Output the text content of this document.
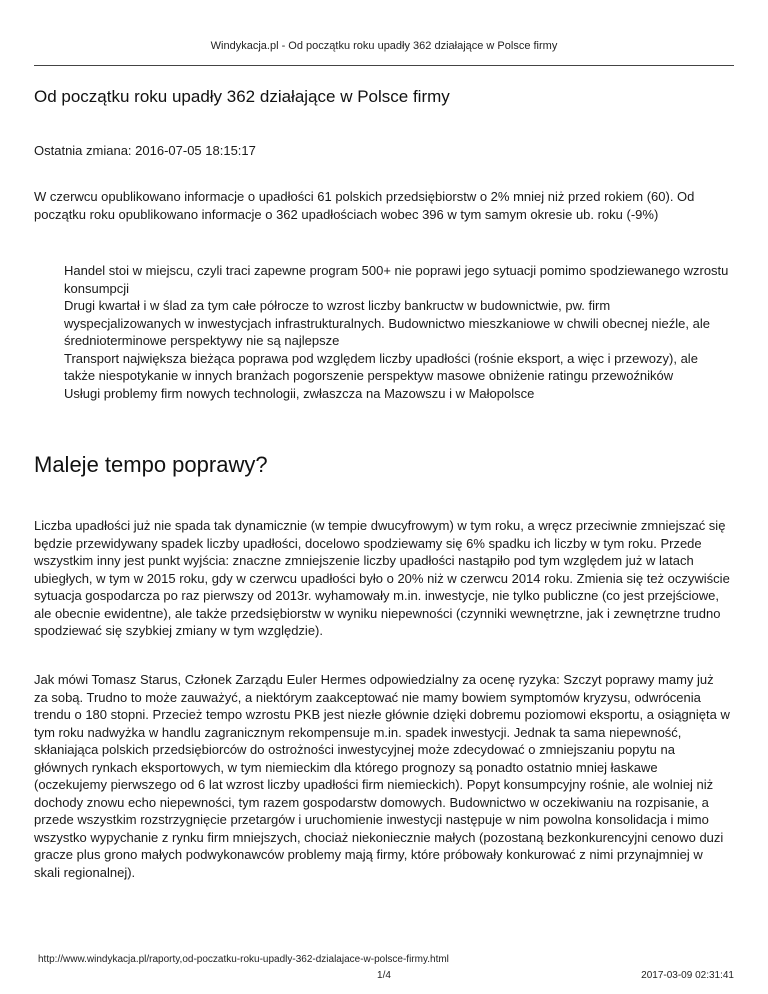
Windykacja.pl - Od początku roku upadły 362 działające w Polsce firmy
Od początku roku upadły 362 działające w Polsce firmy
Ostatnia zmiana: 2016-07-05 18:15:17

W czerwcu opublikowano informacje o upadłości 61 polskich przedsiębiorstw o 2% mniej niż przed rokiem (60). Od początku roku opublikowano informacje o 362 upadłościach wobec 396 w tym samym okresie ub. roku (-9%)

Handel stoi w miejscu, czyli traci zapewne program 500+ nie poprawi jego sytuacji pomimo spodziewanego wzrostu konsumpcji
Drugi kwartał i w ślad za tym całe półrocze to wzrost liczby bankructw w budownictwie, pw. firm wyspecjalizowanych w inwestycjach infrastrukturalnych. Budownictwo mieszkaniowe w chwili obecnej nieźle, ale średnioterminowe perspektywy nie są najlepsze
Transport największa bieżąca poprawa pod względem liczby upadłości (rośnie eksport, a więc i przewozy), ale także niespotykanie w innych branżach pogorszenie perspektyw masowe obniżenie ratingu przewoźników
Usługi problemy firm nowych technologii, zwłaszcza na Mazowszu i w Małopolsce
Maleje tempo poprawy?

Liczba upadłości już nie spada tak dynamicznie (w tempie dwucyfrowym) w tym roku, a wręcz przeciwnie zmniejszać się będzie przewidywany spadek liczby upadłości, docelowo spodziewamy się 6% spadku ich liczby w tym roku. Przede wszystkim inny jest punkt wyjścia: znaczne zmniejszenie liczby upadłości nastąpiło pod tym względem już w latach ubiegłych, w tym w 2015 roku, gdy w czerwcu upadłości było o 20% niż w czerwcu 2014 roku. Zmienia się też oczywiście sytuacja gospodarcza po raz pierwszy od 2013r. wyhamowały m.in. inwestycje, nie tylko publiczne (co jest przejściowe, ale obecnie ewidentne), ale także przedsiębiorstw w wyniku niepewności (czynniki wewnętrzne, jak i zewnętrzne trudno spodziewać się szybkiej zmiany w tym względzie).

Jak mówi Tomasz Starus, Członek Zarządu Euler Hermes odpowiedzialny za ocenę ryzyka: Szczyt poprawy mamy już za sobą. Trudno to może zauważyć, a niektórym zaakceptować nie mamy bowiem symptomów kryzysu, odwrócenia trendu o 180 stopni. Przecież tempo wzrostu PKB jest niezłe głównie dzięki dobremu poziomowi eksportu, a osiągnięta w tym roku nadwyżka w handlu zagranicznym rekompensuje m.in. spadek inwestycji. Jednak ta sama niepewność, skłaniająca polskich przedsiębiorców do ostrożności inwestycyjnej może zdecydować o zmniejszaniu popytu na głównych rynkach eksportowych, w tym niemieckim dla którego prognozy są ponadto ostatnio mniej łaskawe (oczekujemy pierwszego od 6 lat wzrost liczby upadłości firm niemieckich). Popyt konsumpcyjny rośnie, ale wolniej niż dochody znowu echo niepewności, tym razem gospodarstw domowych. Budownictwo w oczekiwaniu na rozpisanie, a przede wszystkim rozstrzygnięcie przetargów i uruchomienie inwestycji następuje w nim powolna konsolidacja i mimo wszystko wypychanie z rynku firm mniejszych, chociaż niekoniecznie małych (pozostaną bezkonkurencyjni cenowo duzi gracze plus grono małych podwykonawców problemy mają firmy, które próbowały konkurować z nimi przynajmniej w skali regionalnej).

http://www.windykacja.pl/raporty,od-poczatku-roku-upadly-362-dzialajace-w-polsce-firmy.html
1/4	2017-03-09 02:31:41
